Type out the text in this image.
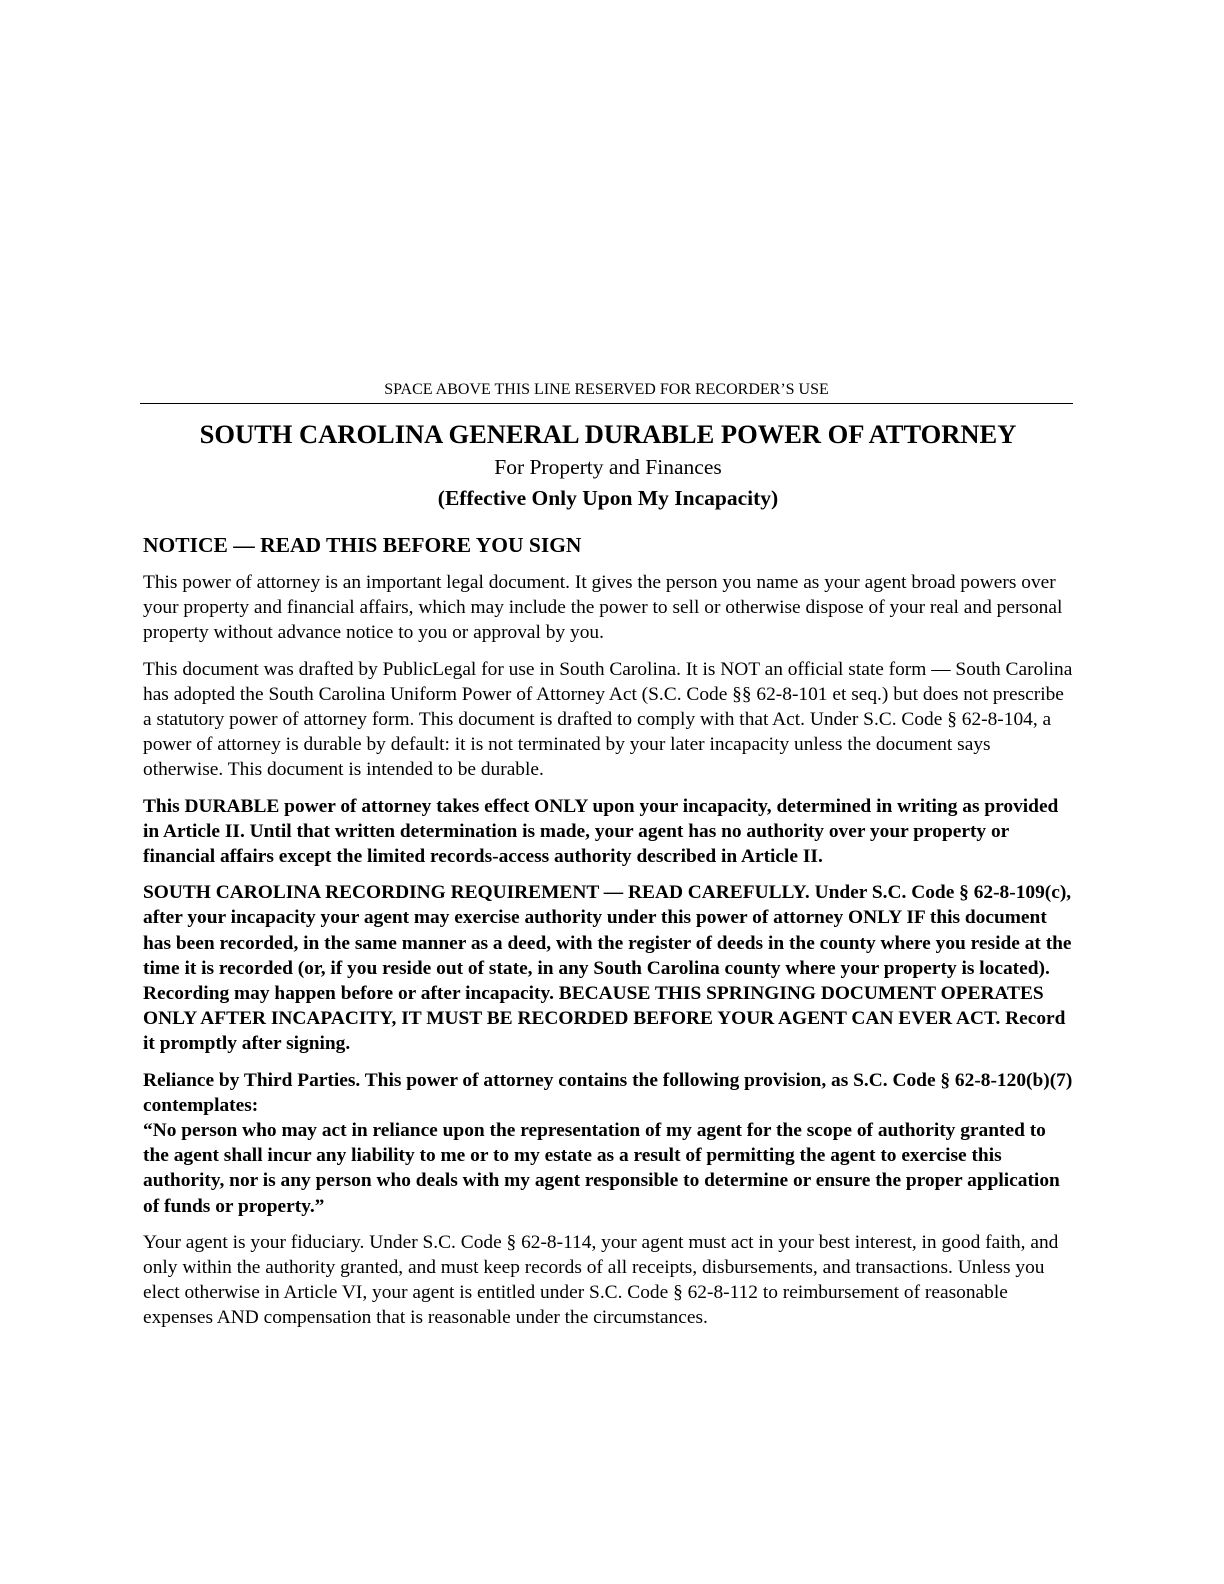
SPACE ABOVE THIS LINE RESERVED FOR RECORDER’S USE
SOUTH CAROLINA GENERAL DURABLE POWER OF ATTORNEY
For Property and Finances
(Effective Only Upon My Incapacity)
NOTICE — READ THIS BEFORE YOU SIGN

This power of attorney is an important legal document. It gives the person you name as your agent broad powers over your property and financial affairs, which may include the power to sell or otherwise dispose of your real and personal property without advance notice to you or approval by you.

This document was drafted by PublicLegal for use in South Carolina. It is NOT an official state form — South Carolina has adopted the South Carolina Uniform Power of Attorney Act (S.C. Code §§ 62-8-101 et seq.) but does not prescribe a statutory power of attorney form. This document is drafted to comply with that Act. Under S.C. Code § 62-8-104, a power of attorney is durable by default: it is not terminated by your later incapacity unless the document says otherwise. This document is intended to be durable.

This DURABLE power of attorney takes effect ONLY upon your incapacity, determined in writing as provided in Article II. Until that written determination is made, your agent has no authority over your property or financial affairs except the limited records-access authority described in Article II.

SOUTH CAROLINA RECORDING REQUIREMENT — READ CAREFULLY. Under S.C. Code § 62-8-109(c), after your incapacity your agent may exercise authority under this power of attorney ONLY IF this document has been recorded, in the same manner as a deed, with the register of deeds in the county where you reside at the time it is recorded (or, if you reside out of state, in any South Carolina county where your property is located). Recording may happen before or after incapacity. BECAUSE THIS SPRINGING DOCUMENT OPERATES ONLY AFTER INCAPACITY, IT MUST BE RECORDED BEFORE YOUR AGENT CAN EVER ACT. Record it promptly after signing.

Reliance by Third Parties. This power of attorney contains the following provision, as S.C. Code § 62-8-120(b)(7) contemplates:

“No person who may act in reliance upon the representation of my agent for the scope of authority granted to the agent shall incur any liability to me or to my estate as a result of permitting the agent to exercise this authority, nor is any person who deals with my agent responsible to determine or ensure the proper application of funds or property.”

Your agent is your fiduciary. Under S.C. Code § 62-8-114, your agent must act in your best interest, in good faith, and only within the authority granted, and must keep records of all receipts, disbursements, and transactions. Unless you elect otherwise in Article VI, your agent is entitled under S.C. Code § 62-8-112 to reimbursement of reasonable expenses AND compensation that is reasonable under the circumstances.
